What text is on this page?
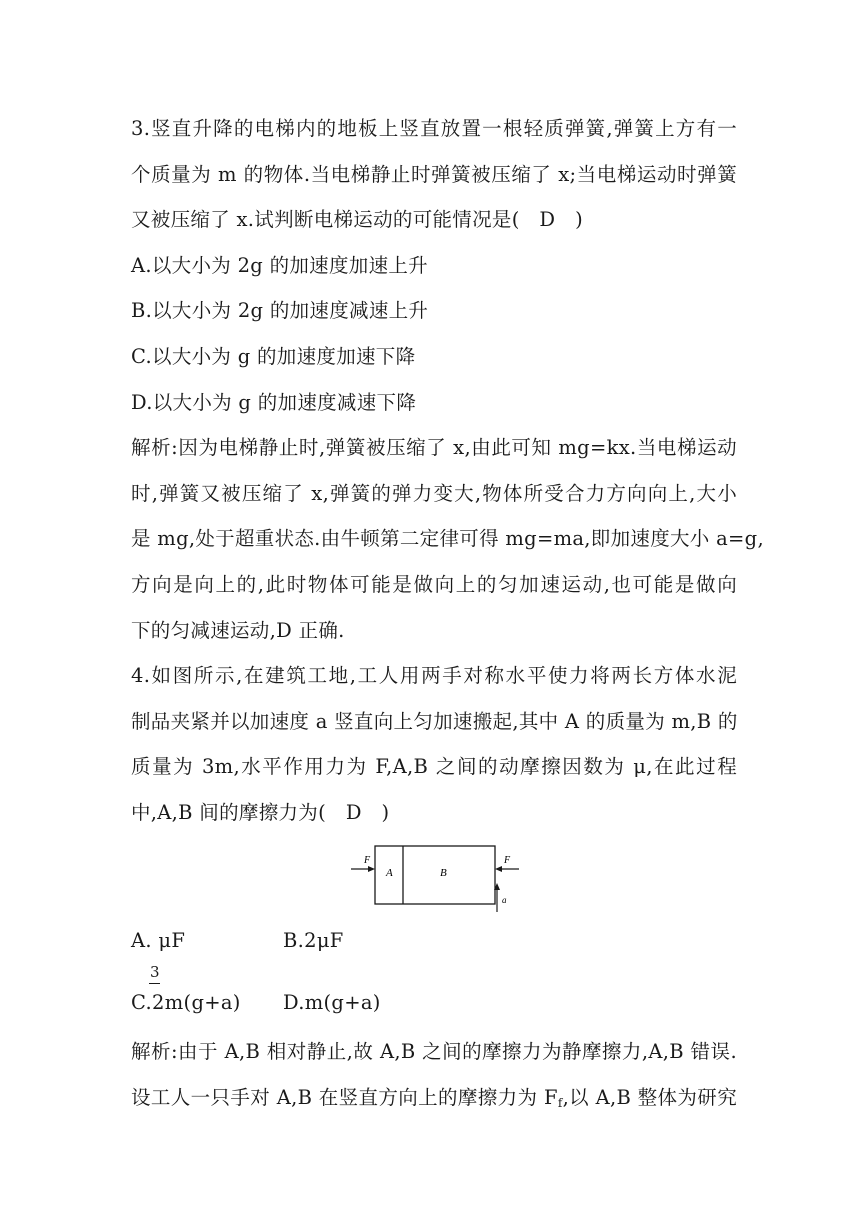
3.竖直升降的电梯内的地板上竖直放置一根轻质弹簧,弹簧上方有一
个质量为 m 的物体.当电梯静止时弹簧被压缩了 x;当电梯运动时弹簧
又被压缩了 x.试判断电梯运动的可能情况是(　D　)
A.以大小为 2g 的加速度加速上升
B.以大小为 2g 的加速度减速上升
C.以大小为 g 的加速度加速下降
D.以大小为 g 的加速度减速下降
解析:因为电梯静止时,弹簧被压缩了 x,由此可知 mg=kx.当电梯运动
时,弹簧又被压缩了 x,弹簧的弹力变大,物体所受合力方向向上,大小
是 mg,处于超重状态.由牛顿第二定律可得 mg=ma,即加速度大小 a=g,
方向是向上的,此时物体可能是做向上的匀加速运动,也可能是做向
下的匀减速运动,D 正确.
4.如图所示,在建筑工地,工人用两手对称水平使力将两长方体水泥
制品夹紧并以加速度 a 竖直向上匀加速搬起,其中 A 的质量为 m,B 的
质量为 3m,水平作用力为 F,A,B 之间的动摩擦因数为 μ,在此过程
中,A,B 间的摩擦力为(　D　)
F	F
A	B
a
A. μF	B.2μF
3
C.2m(g+a) D.m(g+a)
解析:由于 A,B 相对静止,故 A,B 之间的摩擦力为静摩擦力,A,B 错误.
设工人一只手对 A,B 在竖直方向上的摩擦力为 $F_f$,以 A,B 整体为研究
